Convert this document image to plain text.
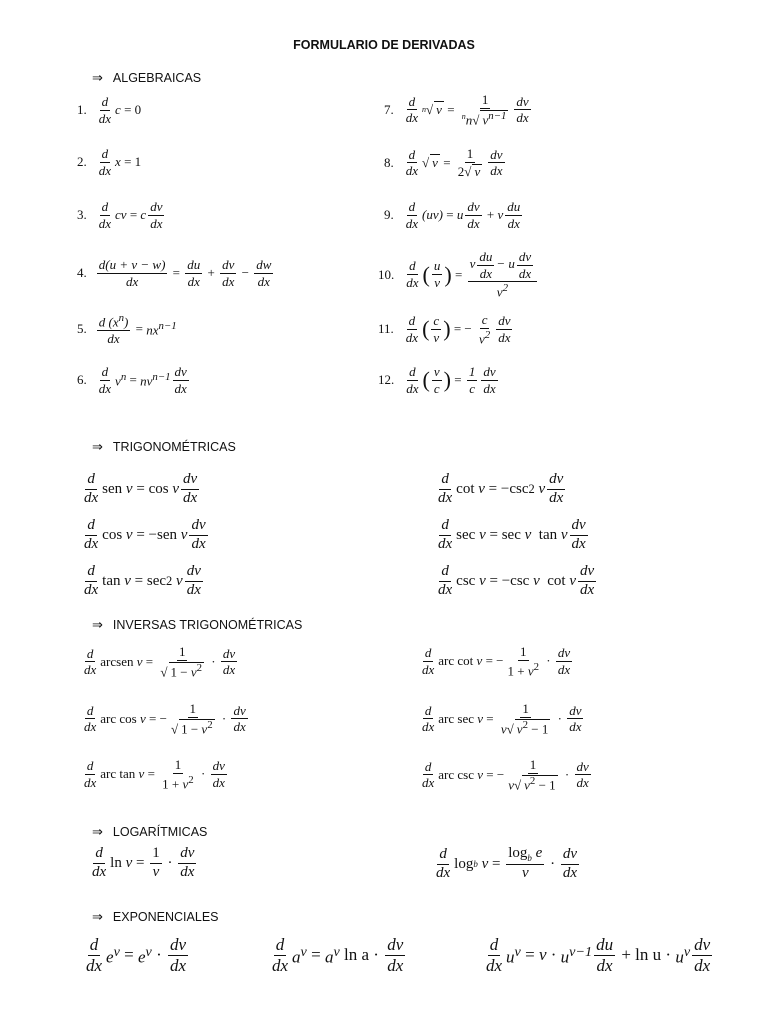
FORMULARIO DE DERIVADAS
⇒ ALGEBRAICAS
1.
d
dx
c = 0
2.
d
dx
x = 1
3.
d
dx
cv = c
dv
dx
4.
d(u + v − w)
dx
=
du
dx
+
dv
dx
−
dw
dx
5. d $(x^n)$
dx
= $nx^{n-1}$
6.
d
dx $v^n = nv^{n-1}$ dv
dx
7.
d
dx
n √ v =
1
$^n$n√ $v^{n-1}$
dv
dx
8.
d
dx
√ v =
1
2√ v
dv
dx
9.
d
dx
(uv) = u
dv
dx
+ v
du
dx
10.
d
dx ( u
v ) =
v $\frac{du}{dx} - u \frac{dv}{dx}$
$v^2$
11.
d
dx ( c
v ) = −
c
$v^2$
dv
dx
12.
d
dx ( v
c ) =
1
c
dv
dx
⇒ TRIGONOMÉTRICAS
d
dx
sen
v = cos
v
dv
dx
d
dx
cos
v = − sen
v
dv
dx
d
dx
tan
v = sec 2
v
dv
dx
d
dx
cot
v = − csc 2
v
dv
dx
d
dx
sec
v = sec
v
tan
v
dv
dx
d
dx
csc
v = − csc
v
cot
v
dv
dx
⇒ INVERSAS TRIGONOMÉTRICAS
d
dx
arcsen
v =
1
√ $1 - v^2$ ·
dv
dx
d
dx
arc cos
v = −
1
√ $1 - v^2$ ·
dv
dx
d
dx
arc tan
v =
1
$1 + v^2$ ·
dv
dx
d
dx
arc cot
v = −
1
$1 + v^2$ ·
dv
dx
d
dx
arc sec
v =
1
v√ $v^2 - 1$
·
dv
dx
d
dx
arc csc
v = −
1
v√ $v^2 - 1$
·
dv
dx
⇒ LOGARÍTMICAS
d
dx
ln
v =
1
v
·
dv
dx
d
dx
log b
v =
$\log_b e$
v
·
dv
dx
⇒ EXPONENCIALES
d
dx $e^v = e^v$ ·
dv
dx
d
dx $a^v = a^v$
ln a ·
dv
dx
d
dx $u^v = v \cdot u^{v-1}$ du
dx
+ $\ln u \cdot u^v$ dv
dx
